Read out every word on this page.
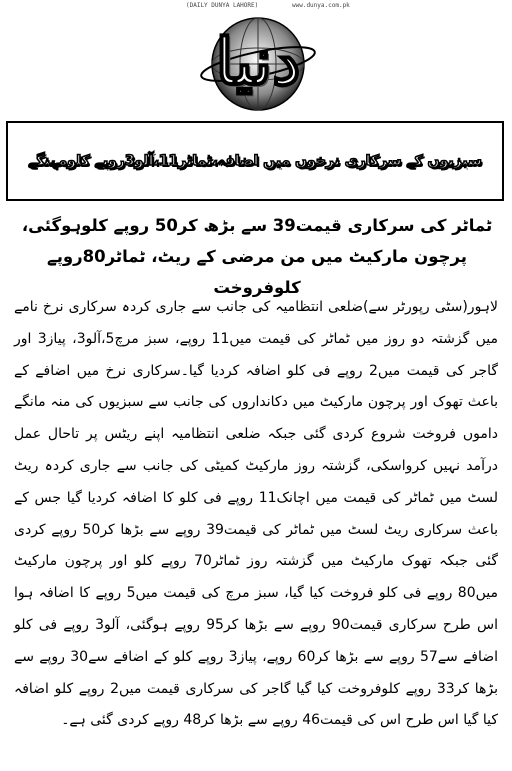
(DAILY DUNYA LAHORE)	www.dunya.com.pk
دنیا
سبزیوں کے سرکاری نرخوں میں اضافہ،ٹماٹر11،آلو3روپے کلومہنگے
ٹماٹر کی سرکاری قیمت39 سے بڑھ کر50 روپے کلوہوگئی، پرچون مارکیٹ میں من مرضی کے ریٹ، ٹماٹر80روپے کلوفروخت
لاہور(سٹی رپورٹر سے)ضلعی انتظامیہ کی جانب سے جاری کردہ سرکاری نرخ نامے میں گزشتہ دو روز میں ٹماٹر کی قیمت میں11 روپے، سبز مرچ5،آلو3، پیاز3 اور گاجر کی قیمت میں2 روپے فی کلو اضافہ کردیا گیا۔سرکاری نرخ میں اضافے کے باعث تھوک اور پرچون مارکیٹ میں دکانداروں کی جانب سے سبزیوں کی منہ مانگے داموں فروخت شروع کردی گئی جبکہ ضلعی انتظامیہ اپنے ریٹس پر تاحال عمل درآمد نہیں کرواسکی، گزشتہ روز مارکیٹ کمیٹی کی جانب سے جاری کردہ ریٹ لسٹ میں ٹماٹر کی قیمت میں اچانک11 روپے فی کلو کا اضافہ کردیا گیا جس کے باعث سرکاری ریٹ لسٹ میں ٹماٹر کی قیمت39 روپے سے بڑھا کر50 روپے کردی گئی جبکہ تھوک مارکیٹ میں گزشتہ روز ٹماٹر70 روپے کلو اور پرچون مارکیٹ میں80 روپے فی کلو فروخت کیا گیا، سبز مرچ کی قیمت میں5 روپے کا اضافہ ہوا اس طرح سرکاری قیمت90 روپے سے بڑھا کر95 روپے ہوگئی، آلو3 روپے فی کلو اضافے سے57 روپے سے بڑھا کر60 روپے، پیاز3 روپے کلو کے اضافے سے30 روپے سے بڑھا کر33 روپے کلوفروخت کیا گیا گاجر کی سرکاری قیمت میں2 روپے کلو اضافہ کیا گیا اس طرح اس کی قیمت46 روپے سے بڑھا کر48 روپے کردی گئی ہے۔
